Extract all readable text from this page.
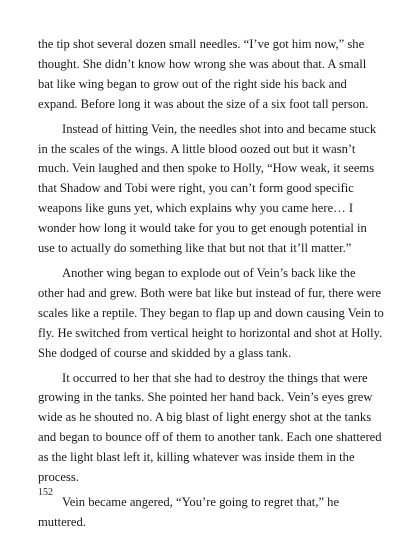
the tip shot several dozen small needles. “I’ve got him now,” she thought. She didn’t know how wrong she was about that. A small bat like wing began to grow out of the right side his back and expand. Before long it was about the size of a six foot tall person.

Instead of hitting Vein, the needles shot into and became stuck in the scales of the wings. A little blood oozed out but it wasn’t much. Vein laughed and then spoke to Holly, “How weak, it seems that Shadow and Tobi were right, you can’t form good specific weapons like guns yet, which explains why you came here… I wonder how long it would take for you to get enough potential in use to actually do something like that but not that it’ll matter.”

Another wing began to explode out of Vein’s back like the other had and grew. Both were bat like but instead of fur, there were scales like a reptile. They began to flap up and down causing Vein to fly. He switched from vertical height to horizontal and shot at Holly. She dodged of course and skidded by a glass tank.

It occurred to her that she had to destroy the things that were growing in the tanks. She pointed her hand back. Vein’s eyes grew wide as he shouted no. A big blast of light energy shot at the tanks and began to bounce off of them to another tank. Each one shattered as the light blast left it, killing whatever was inside them in the process.

Vein became angered, “You’re going to regret that,” he muttered.

152
